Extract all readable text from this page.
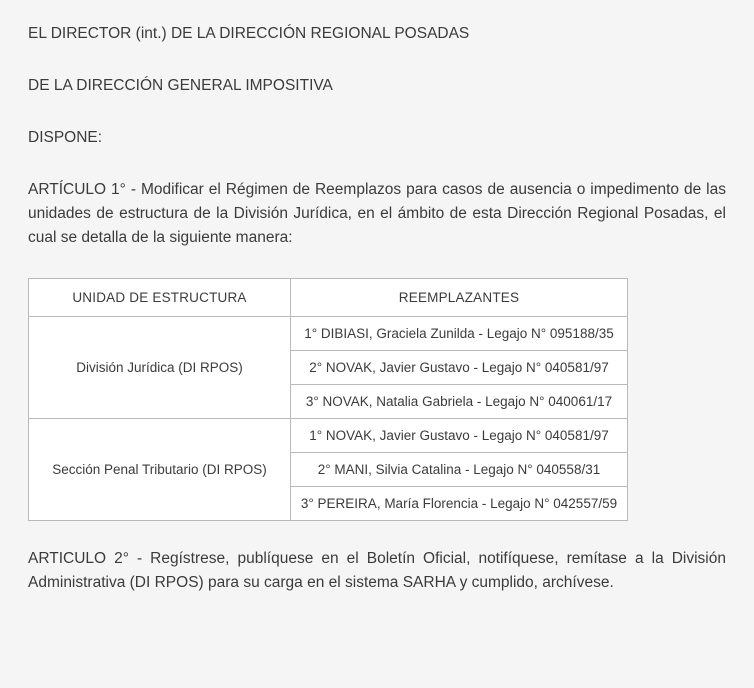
EL DIRECTOR (int.) DE LA DIRECCIÓN REGIONAL POSADAS

DE LA DIRECCIÓN GENERAL IMPOSITIVA

DISPONE:

ARTÍCULO 1° - Modificar el Régimen de Reemplazos para casos de ausencia o impedimento de las unidades de estructura de la División Jurídica, en el ámbito de esta Dirección Regional Posadas, el cual se detalla de la siguiente manera:

UNIDAD DE ESTRUCTURA	REEMPLAZANTES
División Jurídica (DI RPOS)	1° DIBIASI, Graciela Zunilda - Legajo N° 095188/35
	2° NOVAK, Javier Gustavo - Legajo N° 040581/97
	3° NOVAK, Natalia Gabriela - Legajo N° 040061/17
Sección Penal Tributario (DI RPOS)	1° NOVAK, Javier Gustavo - Legajo N° 040581/97
	2° MANI, Silvia Catalina - Legajo N° 040558/31
	3° PEREIRA, María Florencia - Legajo N° 042557/59

ARTICULO 2° - Regístrese, publíquese en el Boletín Oficial, notifíquese, remítase a la División Administrativa (DI RPOS) para su carga en el sistema SARHA y cumplido, archívese.
